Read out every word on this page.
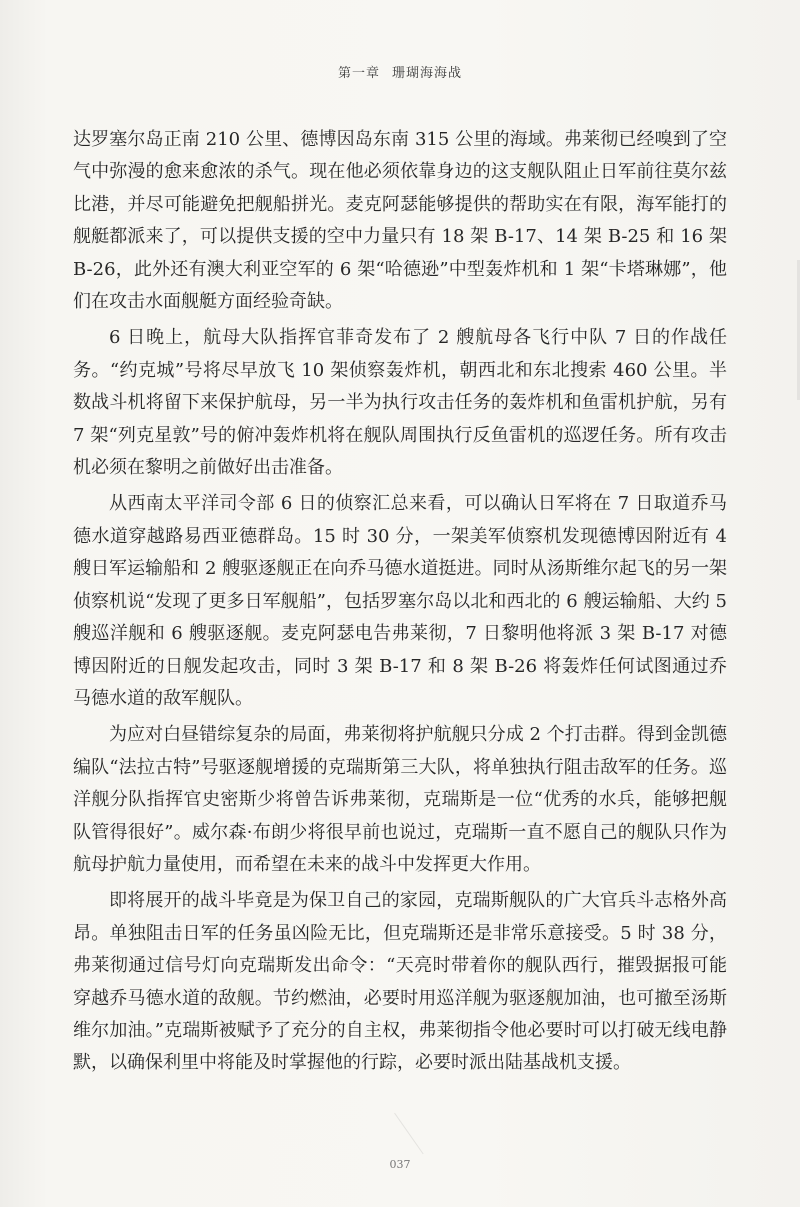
第一章 珊瑚海海战

达罗塞尔岛正南 210 公里、德博因岛东南 315 公里的海域。弗莱彻已经嗅到了空气中弥漫的愈来愈浓的杀气。现在他必须依靠身边的这支舰队阻止日军前往莫尔兹比港，并尽可能避免把舰船拼光。麦克阿瑟能够提供的帮助实在有限，海军能打的舰艇都派来了，可以提供支援的空中力量只有 18 架 B-17、14 架 B-25 和 16 架 B-26，此外还有澳大利亚空军的 6 架“哈德逊”中型轰炸机和 1 架“卡塔琳娜”，他们在攻击水面舰艇方面经验奇缺。

6 日晚上，航母大队指挥官菲奇发布了 2 艘航母各飞行中队 7 日的作战任务。“约克城”号将尽早放飞 10 架侦察轰炸机，朝西北和东北搜索 460 公里。半数战斗机将留下来保护航母，另一半为执行攻击任务的轰炸机和鱼雷机护航，另有 7 架“列克星敦”号的俯冲轰炸机将在舰队周围执行反鱼雷机的巡逻任务。所有攻击机必须在黎明之前做好出击准备。

从西南太平洋司令部 6 日的侦察汇总来看，可以确认日军将在 7 日取道乔马德水道穿越路易西亚德群岛。15 时 30 分，一架美军侦察机发现德博因附近有 4 艘日军运输船和 2 艘驱逐舰正在向乔马德水道挺进。同时从汤斯维尔起飞的另一架侦察机说“发现了更多日军舰船”，包括罗塞尔岛以北和西北的 6 艘运输船、大约 5 艘巡洋舰和 6 艘驱逐舰。麦克阿瑟电告弗莱彻，7 日黎明他将派 3 架 B-17 对德博因附近的日舰发起攻击，同时 3 架 B-17 和 8 架 B-26 将轰炸任何试图通过乔马德水道的敌军舰队。

为应对白昼错综复杂的局面，弗莱彻将护航舰只分成 2 个打击群。得到金凯德编队“法拉古特”号驱逐舰增援的克瑞斯第三大队，将单独执行阻击敌军的任务。巡洋舰分队指挥官史密斯少将曾告诉弗莱彻，克瑞斯是一位“优秀的水兵，能够把舰队管得很好”。威尔森·布朗少将很早前也说过，克瑞斯一直不愿自己的舰队只作为航母护航力量使用，而希望在未来的战斗中发挥更大作用。

即将展开的战斗毕竟是为保卫自己的家园，克瑞斯舰队的广大官兵斗志格外高昂。单独阻击日军的任务虽凶险无比，但克瑞斯还是非常乐意接受。5 时 38 分，弗莱彻通过信号灯向克瑞斯发出命令：“天亮时带着你的舰队西行，摧毁据报可能穿越乔马德水道的敌舰。节约燃油，必要时用巡洋舰为驱逐舰加油，也可撤至汤斯维尔加油。”克瑞斯被赋予了充分的自主权，弗莱彻指令他必要时可以打破无线电静默，以确保利里中将能及时掌握他的行踪，必要时派出陆基战机支援。

037
